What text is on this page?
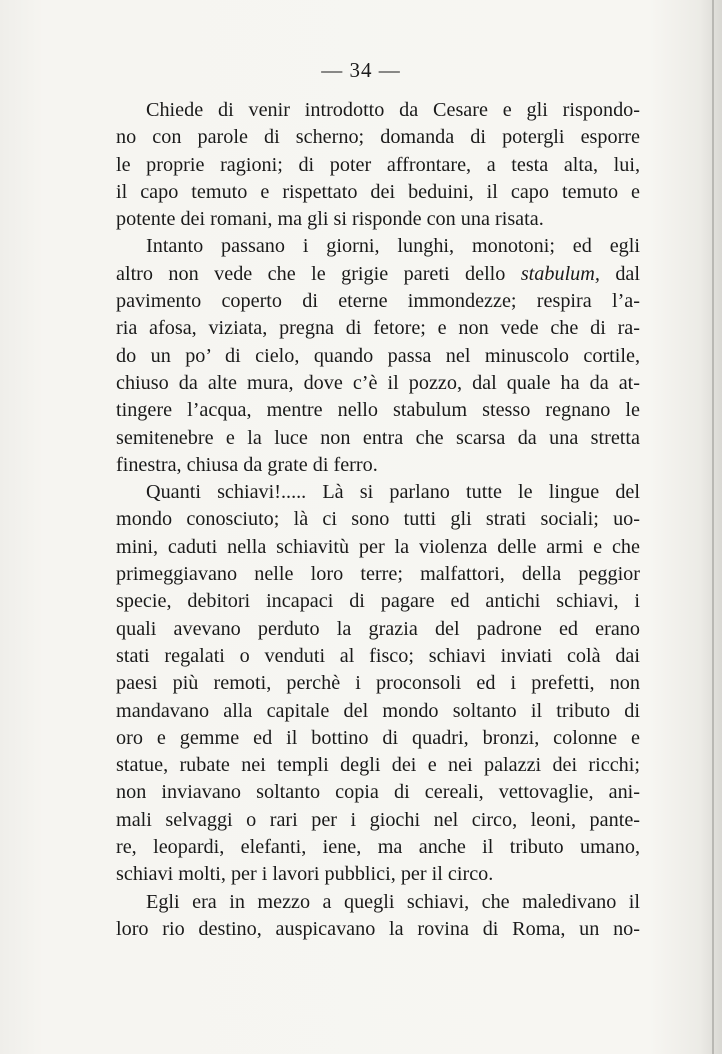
— 34 —

Chiede di venir introdotto da Cesare e gli rispondo-
no con parole di scherno; domanda di potergli esporre
le proprie ragioni; di poter affrontare, a testa alta, lui,
il capo temuto e rispettato dei beduini, il capo temuto e
potente dei romani, ma gli si risponde con una risata.

Intanto passano i giorni, lunghi, monotoni; ed egli
altro non vede che le grigie pareti dello stabulum, dal
pavimento coperto di eterne immondezze; respira l’a-
ria afosa, viziata, pregna di fetore; e non vede che di ra-
do un po’ di cielo, quando passa nel minuscolo cortile,
chiuso da alte mura, dove c’è il pozzo, dal quale ha da at-
tingere l’acqua, mentre nello stabulum stesso regnano le
semitenebre e la luce non entra che scarsa da una stretta
finestra, chiusa da grate di ferro.

Quanti schiavi!..... Là si parlano tutte le lingue del
mondo conosciuto; là ci sono tutti gli strati sociali; uo-
mini, caduti nella schiavitù per la violenza delle armi e che
primeggiavano nelle loro terre; malfattori, della peggior
specie, debitori incapaci di pagare ed antichi schiavi, i
quali avevano perduto la grazia del padrone ed erano
stati regalati o venduti al fisco; schiavi inviati colà dai
paesi più remoti, perchè i proconsoli ed i prefetti, non
mandavano alla capitale del mondo soltanto il tributo di
oro e gemme ed il bottino di quadri, bronzi, colonne e
statue, rubate nei templi degli dei e nei palazzi dei ricchi;
non inviavano soltanto copia di cereali, vettovaglie, ani-
mali selvaggi o rari per i giochi nel circo, leoni, pante-
re, leopardi, elefanti, iene, ma anche il tributo umano,
schiavi molti, per i lavori pubblici, per il circo.

Egli era in mezzo a quegli schiavi, che maledivano il
loro rio destino, auspicavano la rovina di Roma, un no-
